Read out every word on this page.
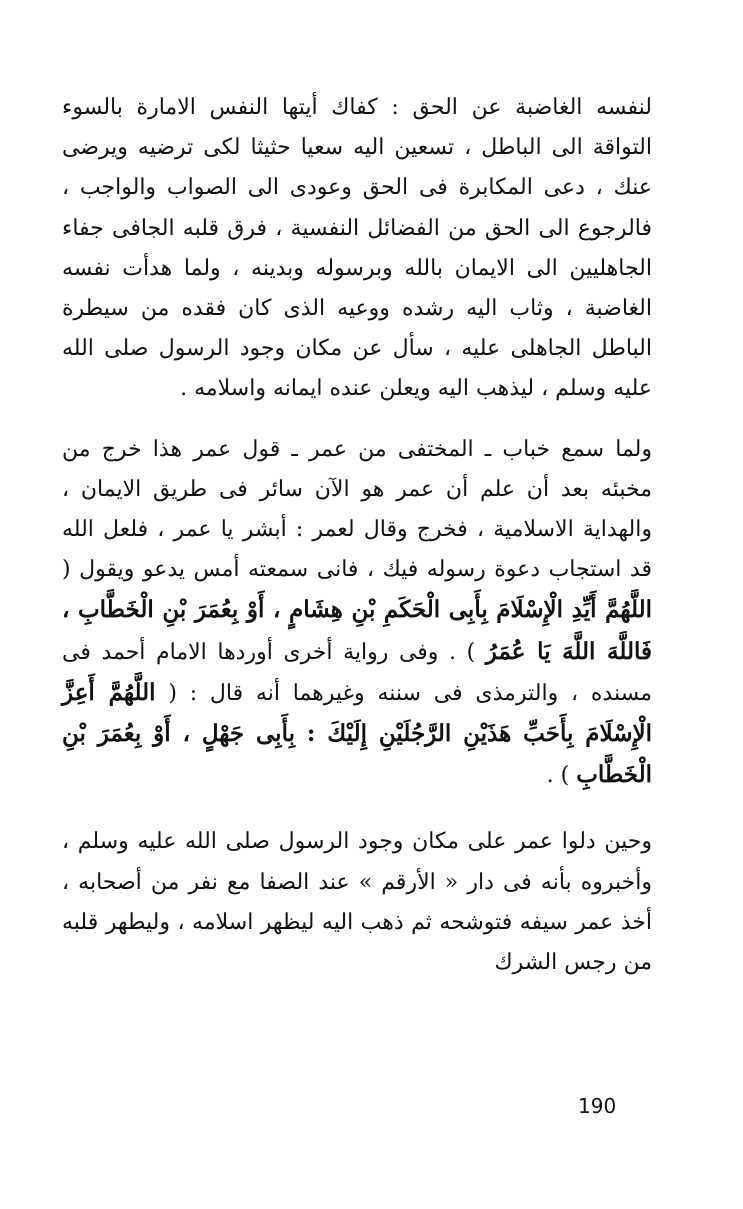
لنفسه الغاضبة عن الحق : كفاك أيتها النفس الامارة بالسوء التواقة الى الباطل ، تسعين اليه سعيا حثيثا لكى ترضيه ويرضى عنك ، دعى المكابرة فى الحق وعودى الى الصواب والواجب ، فالرجوع الى الحق من الفضائل النفسية ، فرق قلبه الجافى جفاء الجاهليين الى الايمان بالله وبرسوله وبدينه ، ولما هدأت نفسه الغاضبة ، وثاب اليه رشده ووعيه الذى كان فقده من سيطرة الباطل الجاهلى عليه ، سأل عن مكان وجود الرسول صلى الله عليه وسلم ، ليذهب اليه ويعلن عنده ايمانه واسلامه .

ولما سمع خباب ـ المختفى من عمر ـ قول عمر هذا خرج من مخبئه بعد أن علم أن عمر هو الآن سائر فى طريق الايمان ، والهداية الاسلامية ، فخرج وقال لعمر : أبشر يا عمر ، فلعل الله قد استجاب دعوة رسوله فيك ، فانى سمعته أمس يدعو ويقول ( اللَّهُمَّ أَيِّدِ الْإِسْلَامَ بِأَبِى الْحَكَمِ بْنِ هِشَامٍ ، أَوْ بِعُمَرَ بْنِ الْخَطَّابِ ، فَاللَّهَ اللَّهَ يَا عُمَرُ ) . وفى رواية أخرى أوردها الامام أحمد فى مسنده ، والترمذى فى سننه وغيرهما أنه قال : ( اللَّهُمَّ أَعِزَّ الْإِسْلَامَ بِأَحَبِّ هَذَيْنِ الرَّجُلَيْنِ إِلَيْكَ : بِأَبِى جَهْلٍ ، أَوْ بِعُمَرَ بْنِ الْخَطَّابِ ) .

وحين دلوا عمر على مكان وجود الرسول صلى الله عليه وسلم ، وأخبروه بأنه فى دار « الأرقم » عند الصفا مع نفر من أصحابه ، أخذ عمر سيفه فتوشحه ثم ذهب اليه ليظهر اسلامه ، وليطهر قلبه من رجس الشرك

190
